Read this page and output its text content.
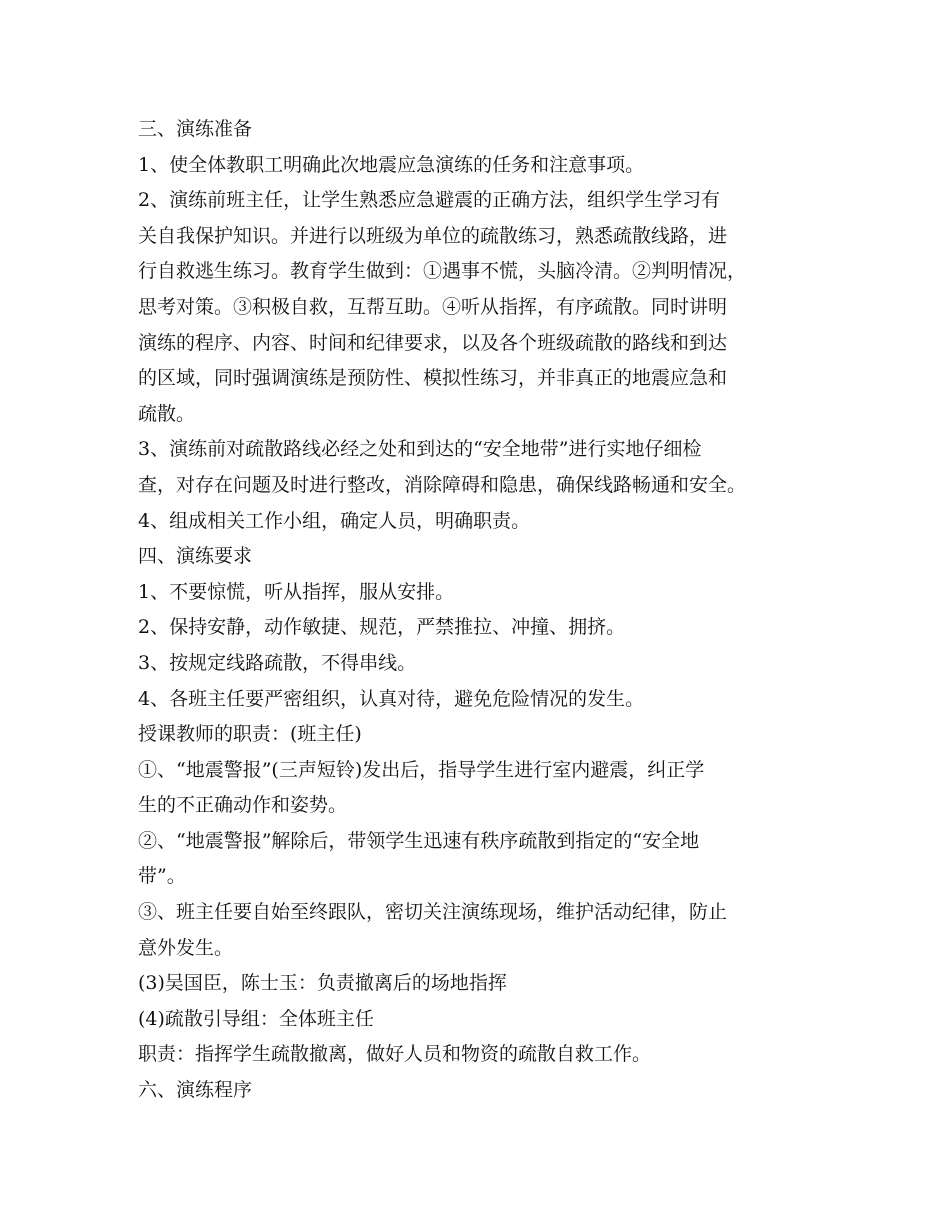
三、演练准备
1、使全体教职工明确此次地震应急演练的任务和注意事项。
2、演练前班主任，让学生熟悉应急避震的正确方法，组织学生学习有
关自我保护知识。并进行以班级为单位的疏散练习，熟悉疏散线路，进
行自救逃生练习。教育学生做到：①遇事不慌，头脑冷清。②判明情况，
思考对策。③积极自救，互帮互助。④听从指挥，有序疏散。同时讲明
演练的程序、内容、时间和纪律要求，以及各个班级疏散的路线和到达
的区域，同时强调演练是预防性、模拟性练习，并非真正的地震应急和
疏散。
3、演练前对疏散路线必经之处和到达的“安全地带”进行实地仔细检
查，对存在问题及时进行整改，消除障碍和隐患，确保线路畅通和安全。
4、组成相关工作小组，确定人员，明确职责。
四、演练要求
1、不要惊慌，听从指挥，服从安排。
2、保持安静，动作敏捷、规范，严禁推拉、冲撞、拥挤。
3、按规定线路疏散，不得串线。
4、各班主任要严密组织，认真对待，避免危险情况的发生。
授课教师的职责：(班主任)
①、“地震警报”(三声短铃)发出后，指导学生进行室内避震，纠正学
生的不正确动作和姿势。
②、“地震警报”解除后，带领学生迅速有秩序疏散到指定的“安全地
带”。
③、班主任要自始至终跟队，密切关注演练现场，维护活动纪律，防止
意外发生。
(3)吴国臣，陈士玉：负责撤离后的场地指挥
(4)疏散引导组：全体班主任
职责：指挥学生疏散撤离，做好人员和物资的疏散自救工作。
六、演练程序
